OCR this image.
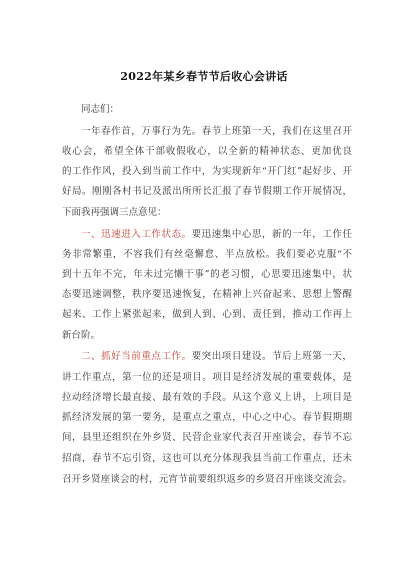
2022年某乡春节节后收心会讲话
同志们：
一年春作首，万事行为先。春节上班第一天，我们在这里召开
收心会，希望全体干部收假收心，以全新的精神状态、更加优良
的工作作风，投入到当前工作中，为实现新年“开门红”起好步、开
好局。刚刚各村书记及派出所所长汇报了春节假期工作开展情况，
下面我再强调三点意见：
一、迅速进入工作状态。要迅速集中心思，新的一年，工作任
务非常繁重，不容我们有丝毫懈怠、半点放松。我们要必克服“不
到十五年不完，年未过完懒干事”的老习惯，心思要迅速集中，状
态要迅速调整，秩序要迅速恢复，在精神上兴奋起来、思想上警醒
起来、工作上紧张起来，做到人到、心到、责任到，推动工作再上
新台阶。
二、抓好当前重点工作。要突出项目建设。节后上班第一天，
讲工作重点，第一位的还是项目。项目是经济发展的重要载体，是
拉动经济增长最直接、最有效的手段。从这个意义上讲，上项目是
抓经济发展的第一要务，是重点之重点，中心之中心。春节假期期
间，县里还组织在外乡贤、民营企业家代表召开座谈会，春节不忘
招商，春节不忘引资，这也可以充分体现我县当前工作重点，还未
召开乡贤座谈会的村，元宵节前要组织返乡的乡贤召开座谈交流会。
